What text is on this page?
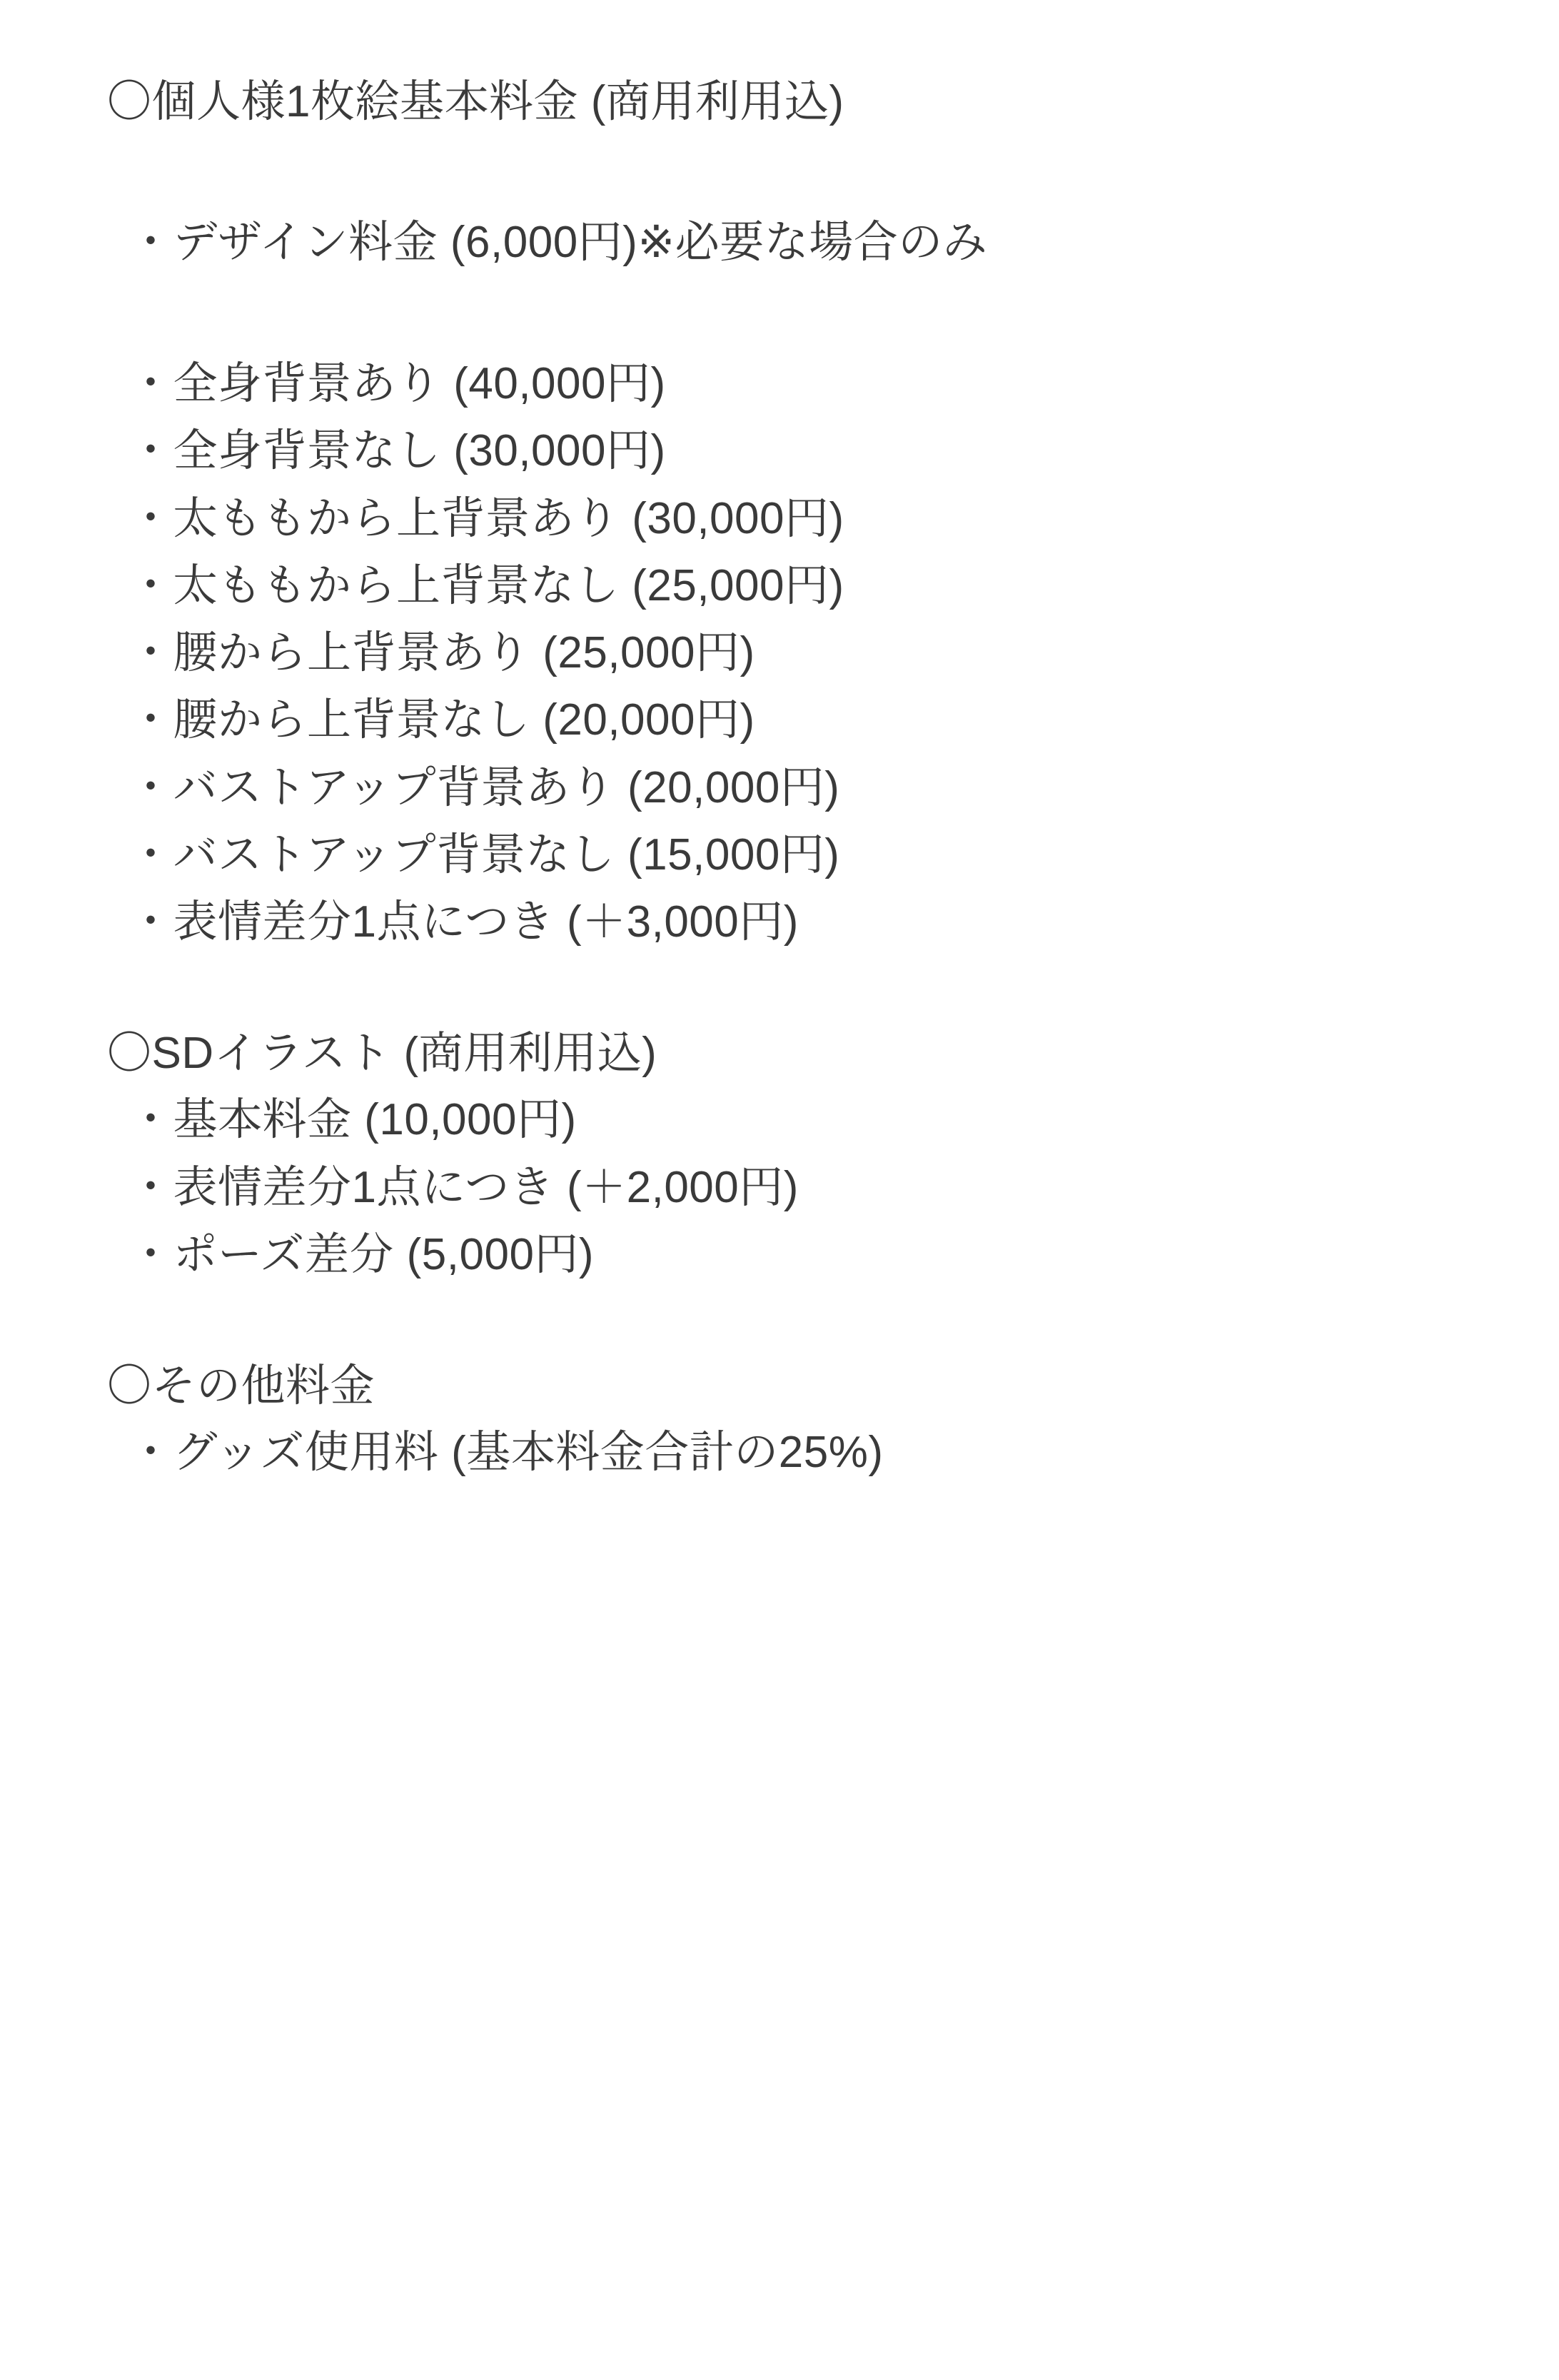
〇個人様1枚絵基本料金 (商用利用込)
・デザイン料金 (6,000円)※必要な場合のみ
・全身背景あり (40,000円)
・全身背景なし (30,000円)
・太ももから上背景あり (30,000円)
・太ももから上背景なし (25,000円)
・腰から上背景あり (25,000円)
・腰から上背景なし (20,000円)
・バストアップ背景あり (20,000円)
・バストアップ背景なし (15,000円)
・表情差分1点につき (＋3,000円)
〇SDイラスト (商用利用込)
・基本料金 (10,000円)
・表情差分1点につき (＋2,000円)
・ポーズ差分 (5,000円)
〇その他料金
・グッズ使用料 (基本料金合計の25%)
